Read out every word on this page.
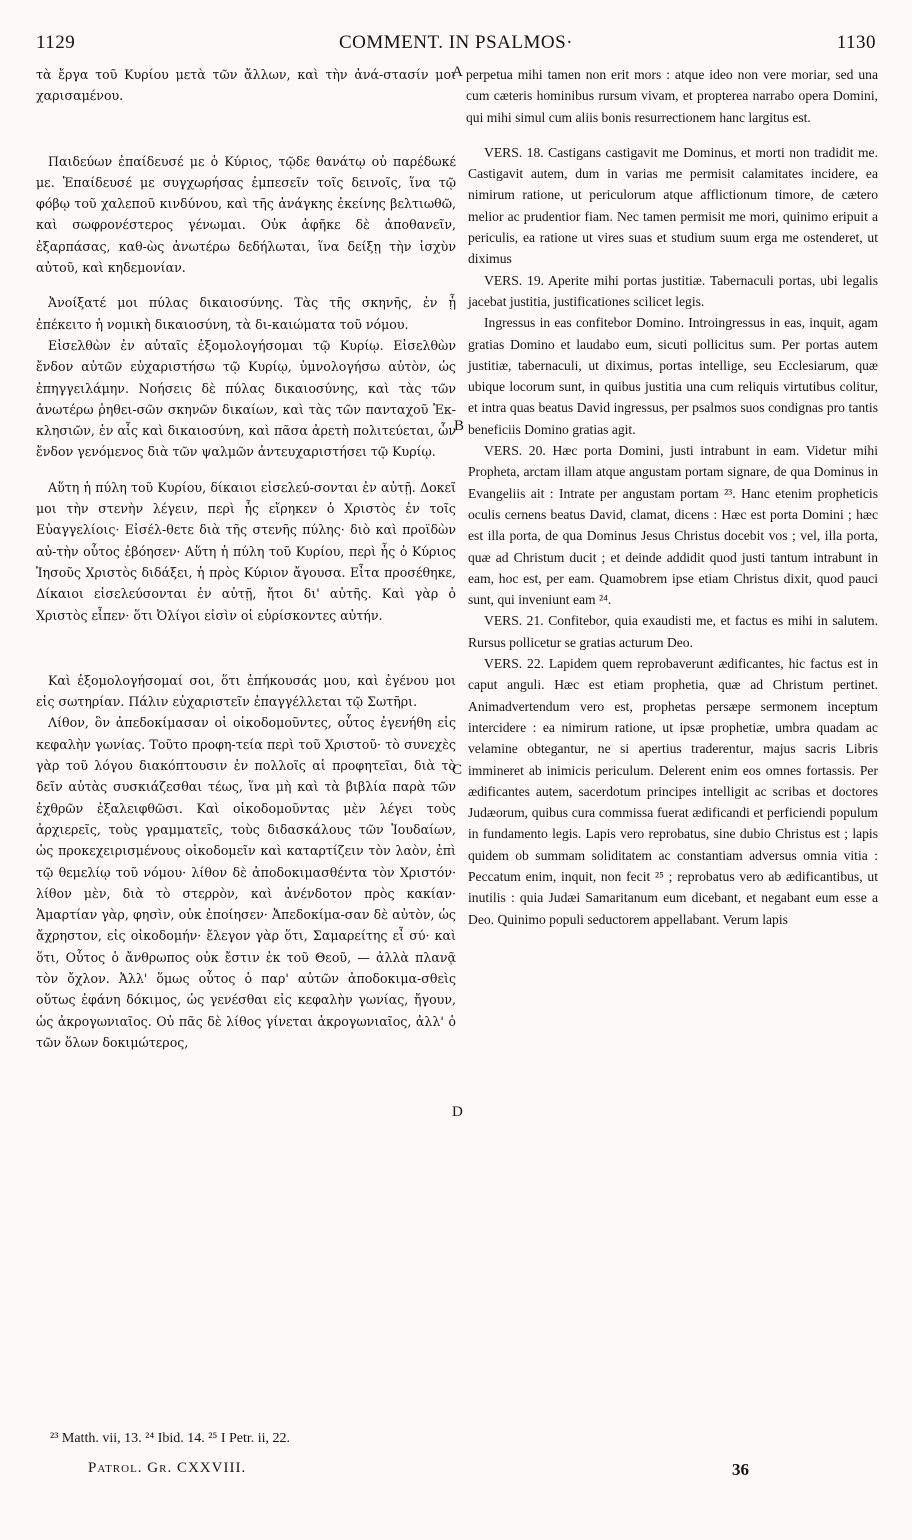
1129	COMMENT. IN PSALMOS·	1130

τὰ ἔργα τοῦ Κυρίου μετὰ τῶν ἄλλων, καὶ τὴν ἀνά-στασίν μοι χαρισαμένου.

Παιδεύων ἐπαίδευσέ με ὁ Κύριος, τῷδε θανάτῳ οὐ παρέδωκέ με. Ἐπαίδευσέ με συγχωρήσας ἐμπεσεῖν τοῖς δεινοῖς, ἵνα τῷ φόβῳ τοῦ χαλεποῦ κινδύνου, καὶ τῆς ἀνάγκης ἐκείνης βελτιωθῶ, καὶ σωφρονέστερος γένωμαι. Οὐκ ἀφῆκε δὲ ἀποθανεῖν, ἐξαρπάσας, καθ-ὼς ἀνωτέρω δεδήλωται, ἵνα δείξῃ τὴν ἰσχὺν αὐτοῦ, καὶ κηδεμονίαν.

Ἀνοίξατέ μοι πύλας δικαιοσύνης. Τὰς τῆς σκηνῆς, ἐν ᾗ ἐπέκειτο ἡ νομικὴ δικαιοσύνη, τὰ δι-καιώματα τοῦ νόμου.

Εἰσελθὼν ἐν αὐταῖς ἐξομολογήσομαι τῷ Κυρίῳ. Εἰσελθὼν ἔνδον αὐτῶν εὐχαριστήσω τῷ Κυρίῳ, ὑμνολογήσω αὐτὸν, ὡς ἐπηγγειλάμην. Νοήσεις δὲ πύλας δικαιοσύνης, καὶ τὰς τῶν ἀνωτέρω ῥηθει-σῶν σκηνῶν δικαίων, καὶ τὰς τῶν πανταχοῦ Ἐκ-κλησιῶν, ἐν αἷς καὶ δικαιοσύνη, καὶ πᾶσα ἀρετὴ πολιτεύεται, ὧν ἔνδον γενόμενος διὰ τῶν ψαλμῶν ἀντευχαριστήσει τῷ Κυρίῳ.

Αὕτη ἡ πύλη τοῦ Κυρίου, δίκαιοι εἰσελεύ-σονται ἐν αὐτῇ. Δοκεῖ μοι τὴν στενὴν λέγειν, περὶ ἧς εἴρηκεν ὁ Χριστὸς ἐν τοῖς Εὐαγγελίοις· Εἰσέλ-θετε διὰ τῆς στενῆς πύλης· διὸ καὶ προϊδὼν αὐ-τὴν οὗτος ἐβόησεν· Αὕτη ἡ πύλη τοῦ Κυρίου, περὶ ἧς ὁ Κύριος Ἰησοῦς Χριστὸς διδάξει, ἡ πρὸς Κύριον ἄγουσα. Εἶτα προσέθηκε, Δίκαιοι εἰσελεύσονται ἐν αὐτῇ, ἤτοι δι' αὐτῆς. Καὶ γὰρ ὁ Χριστὸς εἶπεν· ὅτι Ὀλίγοι εἰσὶν οἱ εὑρίσκοντες αὐτήν.

Καὶ ἐξομολογήσομαί σοι, ὅτι ἐπήκουσάς μου, καὶ ἐγένου μοι εἰς σωτηρίαν. Πάλιν εὐχαριστεῖν ἐπαγγέλλεται τῷ Σωτῆρι.

Λίθον, ὃν ἀπεδοκίμασαν οἱ οἰκοδομοῦντες, οὗτος ἐγενήθη εἰς κεφαλὴν γωνίας. Τοῦτο προφη-τεία περὶ τοῦ Χριστοῦ· τὸ συνεχὲς γὰρ τοῦ λόγου διακόπτουσιν ἐν πολλοῖς αἱ προφητεῖαι, διὰ τὸ δεῖν αὐτὰς συσκιάζεσθαι τέως, ἵνα μὴ καὶ τὰ βιβλία παρὰ τῶν ἐχθρῶν ἐξαλειφθῶσι. Καὶ οἰκοδομοῦντας μὲν λέγει τοὺς ἀρχιερεῖς, τοὺς γραμματεῖς, τοὺς διδασκάλους τῶν Ἰουδαίων, ὡς προκεχειρισμένους οἰκοδομεῖν καὶ καταρτίζειν τὸν λαὸν, ἐπὶ τῷ θεμελίῳ τοῦ νόμου· λίθον δὲ ἀποδοκιμασθέντα τὸν Χριστόν· λίθον μὲν, διὰ τὸ στερρὸν, καὶ ἀνένδοτον πρὸς κακίαν· Ἁμαρτίαν γὰρ, φησὶν, οὐκ ἐποίησεν· Ἀπεδοκίμα-σαν δὲ αὐτὸν, ὡς ἄχρηστον, εἰς οἰκοδομήν· ἔλεγον γὰρ ὅτι, Σαμαρείτης εἶ σύ· καὶ ὅτι, Οὗτος ὁ ἄνθρωπος οὐκ ἔστιν ἐκ τοῦ Θεοῦ, — ἀλλὰ πλανᾷ τὸν ὄχλον. Ἀλλ' ὅμως οὗτος ὁ παρ' αὐτῶν ἀποδοκιμα-σθεὶς οὕτως ἐφάνη δόκιμος, ὡς γενέσθαι εἰς κεφαλὴν γωνίας, ἤγουν, ὡς ἀκρογωνιαῖος. Οὐ πᾶς δὲ λίθος γίνεται ἀκρογωνιαῖος, ἀλλ' ὁ τῶν ὅλων δοκιμώτερος,

perpetua mihi tamen non erit mors : atque ideo non vere moriar, sed una cum cæteris hominibus rursum vivam, et propterea narrabo opera Domini, qui mihi simul cum aliis bonis resurrectionem hanc largitus est.

VERS. 18. Castigans castigavit me Dominus, et morti non tradidit me. Castigavit autem, dum in varias me permisit calamitates incidere, ea nimirum ratione, ut periculorum atque afflictionum timore, de cætero melior ac prudentior fiam. Nec tamen permisit me mori, quinimo eripuit a periculis, ea ratione ut vires suas et studium suum erga me ostenderet, ut diximus

VERS. 19. Aperite mihi portas justitiæ. Tabernaculi portas, ubi legalis jacebat justitia, justificationes scilicet legis.

Ingressus in eas confitebor Domino. Introingressus in eas, inquit, agam gratias Domino et laudabo eum, sicuti pollicitus sum. Per portas autem justitiæ, tabernaculi, ut diximus, portas intellige, seu Ecclesiarum, quæ ubique locorum sunt, in quibus justitia una cum reliquis virtutibus colitur, et intra quas beatus David ingressus, per psalmos suos condignas pro tantis beneficiis Domino gratias agit.

VERS. 20. Hæc porta Domini, justi intrabunt in eam. Videtur mihi Propheta, arctam illam atque angustam portam signare, de qua Dominus in Evangeliis ait : Intrate per angustam portam ²³. Hanc etenim propheticis oculis cernens beatus David, clamat, dicens : Hæc est porta Domini ; hæc est illa porta, de qua Dominus Jesus Christus docebit vos ; vel, illa porta, quæ ad Christum ducit ; et deinde addidit quod justi tantum intrabunt in eam, hoc est, per eam. Quamobrem ipse etiam Christus dixit, quod pauci sunt, qui inveniunt eam ²⁴.

VERS. 21. Confitebor, quia exaudisti me, et factus es mihi in salutem. Rursus pollicetur se gratias acturum Deo.

VERS. 22. Lapidem quem reprobaverunt ædificantes, hic factus est in caput anguli. Hæc est etiam prophetia, quæ ad Christum pertinet. Animadvertendum vero est, prophetas persæpe sermonem inceptum intercidere : ea nimirum ratione, ut ipsæ prophetiæ, umbra quadam ac velamine obtegantur, ne si apertius traderentur, majus sacris Libris immineret ab inimicis periculum. Delerent enim eos omnes fortassis. Per ædificantes autem, sacerdotum principes intelligit ac scribas et doctores Judæorum, quibus cura commissa fuerat ædificandi et perficiendi populum in fundamento legis. Lapis vero reprobatus, sine dubio Christus est ; lapis quidem ob summam soliditatem ac constantiam adversus omnia vitia : Peccatum enim, inquit, non fecit ²⁵ ; reprobatus vero ab ædificantibus, ut inutilis : quia Judæi Samaritanum eum dicebant, et negabant eum esse a Deo. Quinimo populi seductorem appellabant. Verum lapis

A
B
C
D
²³ Matth. vii, 13. ²⁴ Ibid. 14. ²⁵ I Petr. ii, 22.
Patrol. Gr. CXXVIII.	36
